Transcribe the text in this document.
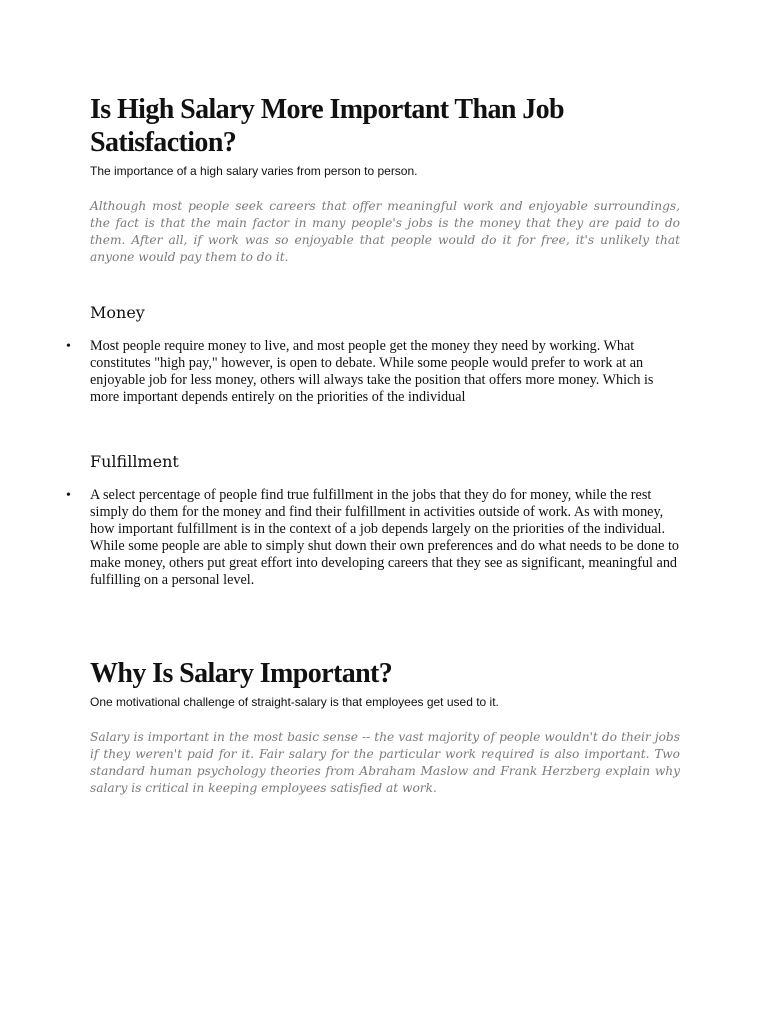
Is High Salary More Important Than Job Satisfaction?

The importance of a high salary varies from person to person.

Although most people seek careers that offer meaningful work and enjoyable surroundings, the fact is that the main factor in many people's jobs is the money that they are paid to do them. After all, if work was so enjoyable that people would do it for free, it's unlikely that anyone would pay them to do it.

Money
• Most people require money to live, and most people get the money they need by working. What constitutes "high pay," however, is open to debate. While some people would prefer to work at an enjoyable job for less money, others will always take the position that offers more money. Which is more important depends entirely on the priorities of the individual
Fulfillment
• A select percentage of people find true fulfillment in the jobs that they do for money, while the rest simply do them for the money and find their fulfillment in activities outside of work. As with money, how important fulfillment is in the context of a job depends largely on the priorities of the individual. While some people are able to simply shut down their own preferences and do what needs to be done to make money, others put great effort into developing careers that they see as significant, meaningful and fulfilling on a personal level.
Why Is Salary Important?

One motivational challenge of straight-salary is that employees get used to it.

Salary is important in the most basic sense -- the vast majority of people wouldn't do their jobs if they weren't paid for it. Fair salary for the particular work required is also important. Two standard human psychology theories from Abraham Maslow and Frank Herzberg explain why salary is critical in keeping employees satisfied at work.
